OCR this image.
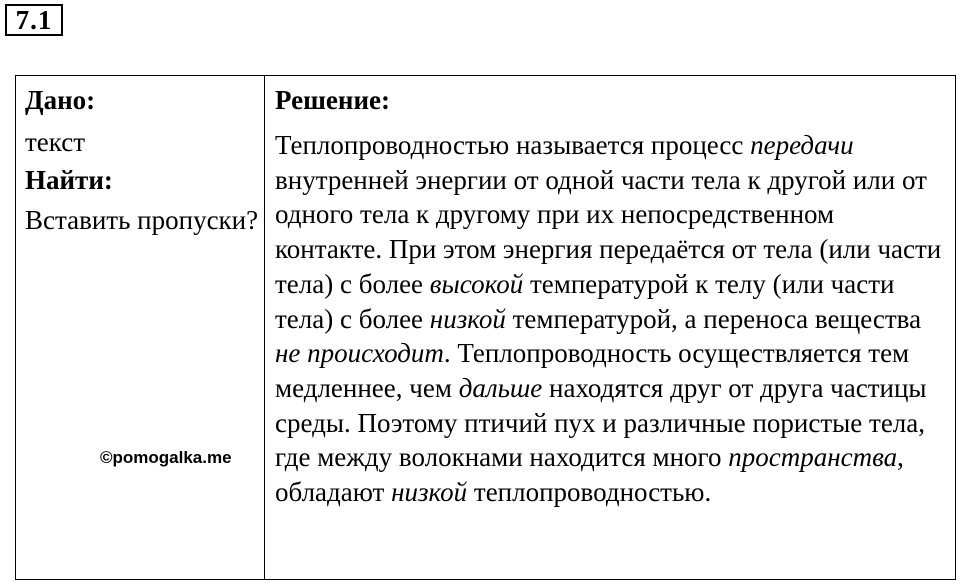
7.1

Дано:

текст

Найти:

Вставить пропуски?

©pomogalka.me

Решение:

Теплопроводностью называется процесс передачи внутренней энергии от одной части тела к другой или от одного тела к другому при их непосредственном контакте. При этом энергия передаётся от тела (или части тела) с более высокой температурой к телу (или части тела) с более низкой температурой, а переноса вещества не происходит. Теплопроводность осуществляется тем медленнее, чем дальше находятся друг от друга частицы среды. Поэтому птичий пух и различные пористые тела, где между волокнами находится много пространства, обладают низкой теплопроводностью.
